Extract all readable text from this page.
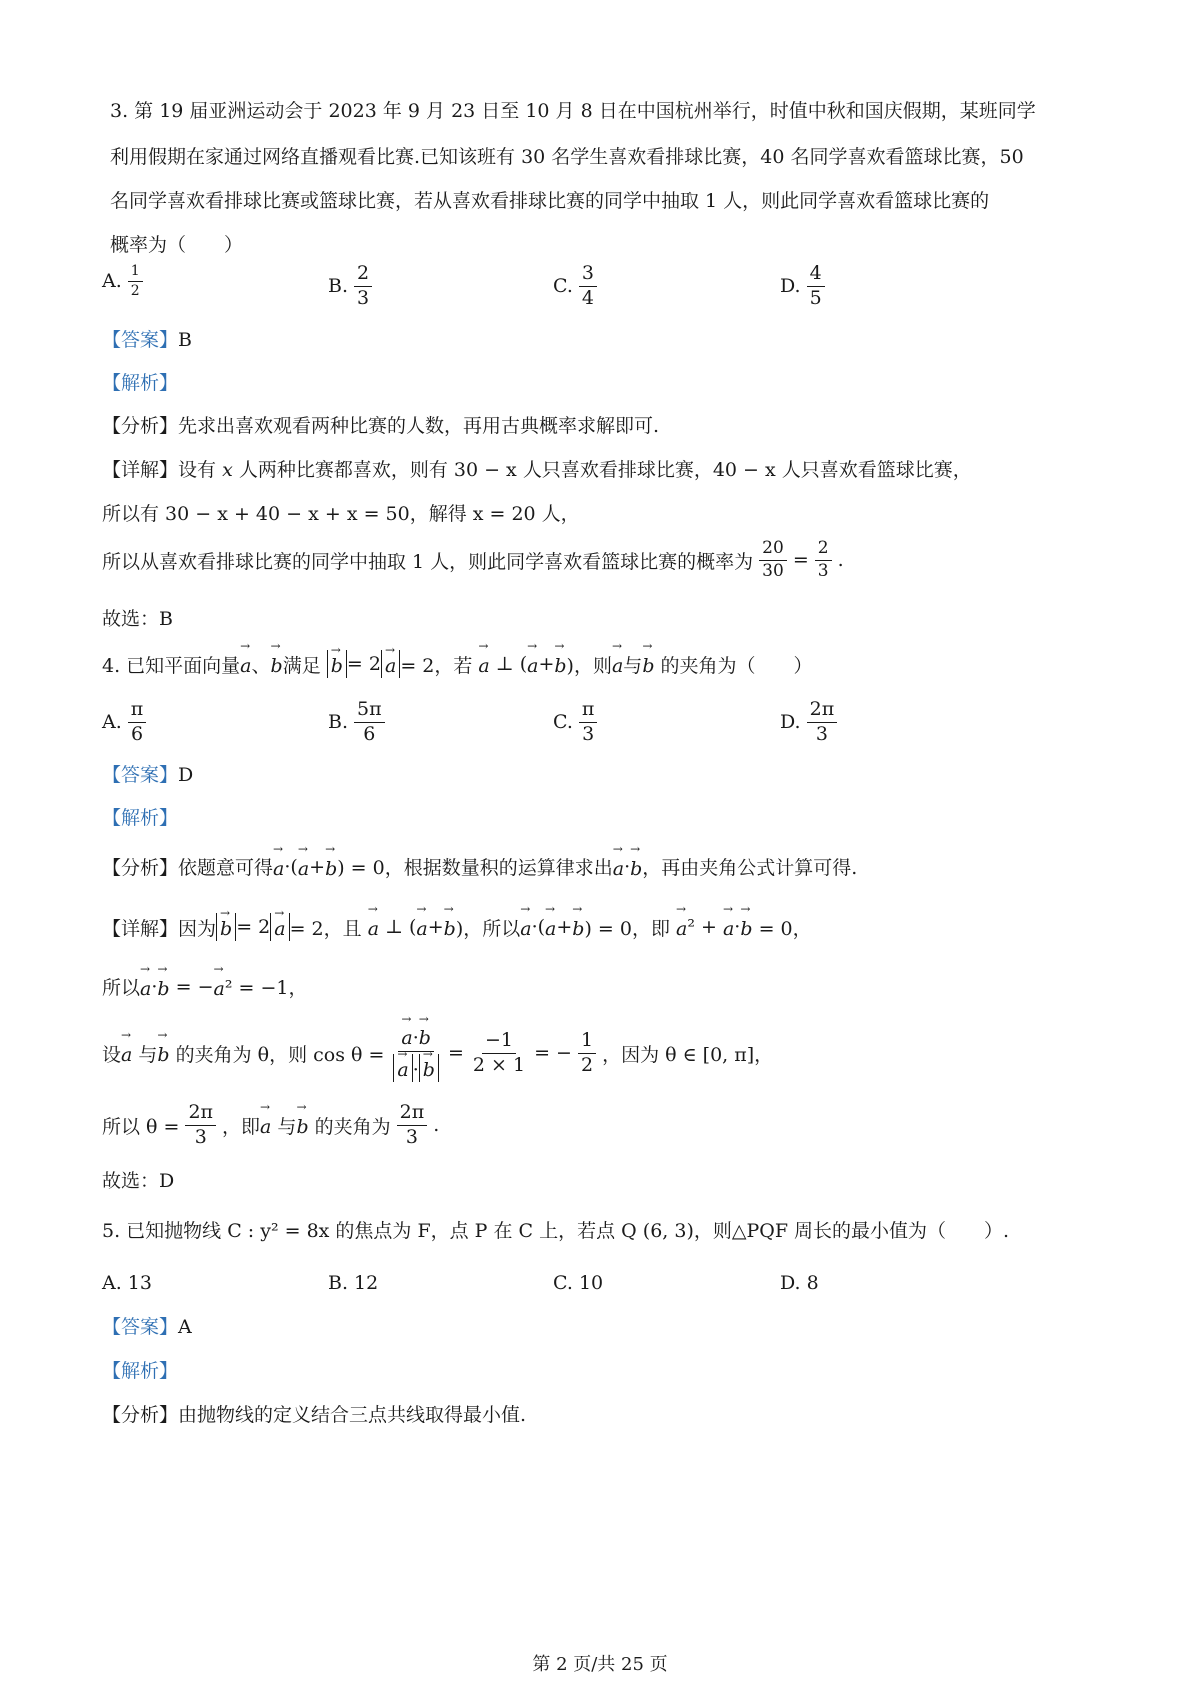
3. 第 19 届亚洲运动会于 2023 年 9 月 23 日至 10 月 8 日在中国杭州举行，时值中秋和国庆假期，某班同学
利用假期在家通过网络直播观看比赛.已知该班有 30 名学生喜欢看排球比赛，40 名同学喜欢看篮球比赛，50
名同学喜欢看排球比赛或篮球比赛，若从喜欢看排球比赛的同学中抽取 1 人，则此同学喜欢看篮球比赛的
概率为（　　）
A. $\frac{1}{2}$	B. $\frac{2}{3}$	C. $\frac{3}{4}$	D. $\frac{4}{5}$
【答案】B
【解析】
【分析】先求出喜欢观看两种比赛的人数，再用古典概率求解即可.
【详解】设有 x 人两种比赛都喜欢，则有 30 − x 人只喜欢看排球比赛，40 − x 人只喜欢看篮球比赛，
所以有 30 − x + 40 − x + x = 50，解得 x = 20 人，
所以从喜欢看排球比赛的同学中抽取 1 人，则此同学喜欢看篮球比赛的概率为 $\frac{20}{30} = \frac{2}{3}$ .
故选：B
4. 已知平面向量
→ a 、
→ b 满足

→ b = 2
→ a = 2，若

→ a
⊥ (
→ a +
→ b )，则
→ a 与
→ b
的夹角为（　　）
A. $\frac{\pi}{6}$	B. $\frac{5\pi}{6}$	C. $\frac{\pi}{3}$	D. $\frac{2\pi}{3}$
【答案】D
【解析】
【分析】 依题意可得
→ a ·(
→ a +
→ b ) = 0，根据数量积的运算律求出
→ a ·
→ b ，再由夹角公式计算可得.
【详解】 因为
→ b = 2
→ a = 2，且

→ a
⊥ (
→ a +
→ b )，所以
→ a ·(
→ a +
→ b ) = 0，即

→ a ² +

→ a ·
→ b
= 0，
所以
→ a ·
→ b
= −
→ a ² = −1，
设
→ a
与
→ b
的夹角为 θ，则 cos θ =
→ a·→ b
→ $a \cdot\to b = \frac{-1}{2 \times 1}$ = − $\frac{1}{2}$ ，因为 θ ∈ [0, π]，
所以 $\theta = \frac{2\pi}{3}$ ，即
→ a
与
→ b
的夹角为 $\frac{2\pi}{3}$ .
故选：D
5. 已知抛物线 C : y² = 8x 的焦点为 F，点 P 在 C 上，若点 Q (6, 3)，则△PQF 周长的最小值为（　　）.
A. 13	B. 12	C. 10	D. 8
【答案】A
【解析】
【分析】由抛物线的定义结合三点共线取得最小值.
第 2 页/共 25 页
